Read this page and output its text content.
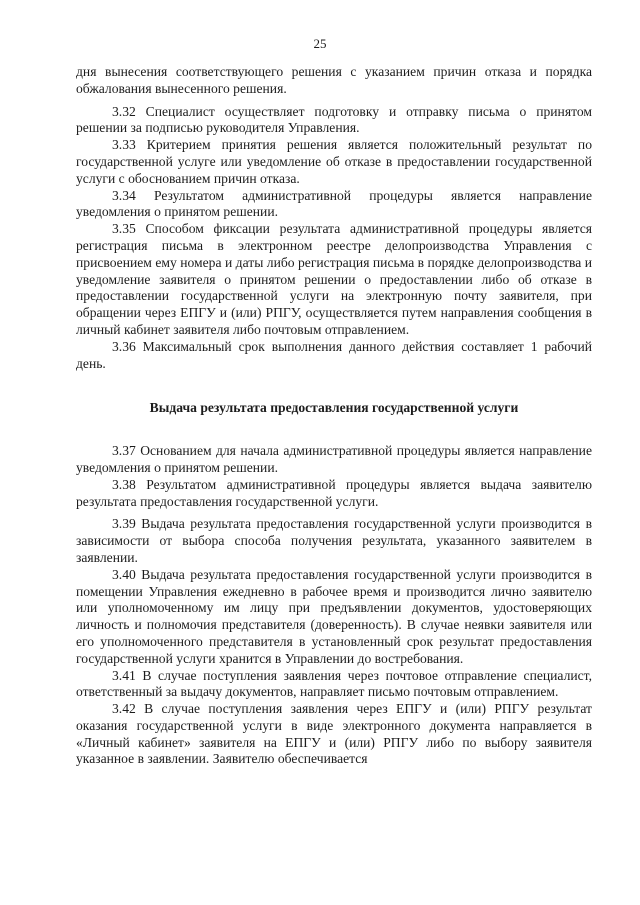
25

дня вынесения соответствующего решения с указанием причин отказа и порядка обжалования вынесенного решения.

3.32 Специалист осуществляет подготовку и отправку письма о принятом решении за подписью руководителя Управления.

3.33 Критерием принятия решения является положительный результат по государственной услуге или уведомление об отказе в предоставлении государственной услуги с обоснованием причин отказа.

3.34 Результатом административной процедуры является направление уведомления о принятом решении.

3.35 Способом фиксации результата административной процедуры является регистрация письма в электронном реестре делопроизводства Управления с присвоением ему номера и даты либо регистрация письма в порядке делопроизводства и уведомление заявителя о принятом решении о предоставлении либо об отказе в предоставлении государственной услуги на электронную почту заявителя, при обращении через ЕПГУ и (или) РПГУ, осуществляется путем направления сообщения в личный кабинет заявителя либо почтовым отправлением.

3.36 Максимальный срок выполнения данного действия составляет 1 рабочий день.

Выдача результата предоставления государственной услуги

3.37 Основанием для начала административной процедуры является направление уведомления о принятом решении.

3.38 Результатом административной процедуры является выдача заявителю результата предоставления государственной услуги.

3.39 Выдача результата предоставления государственной услуги производится в зависимости от выбора способа получения результата, указанного заявителем в заявлении.

3.40 Выдача результата предоставления государственной услуги производится в помещении Управления ежедневно в рабочее время и производится лично заявителю или уполномоченному им лицу при предъявлении документов, удостоверяющих личность и полномочия представителя (доверенность). В случае неявки заявителя или его уполномоченного представителя в установленный срок результат предоставления государственной услуги хранится в Управлении до востребования.

3.41 В случае поступления заявления через почтовое отправление специалист, ответственный за выдачу документов, направляет письмо почтовым отправлением.

3.42 В случае поступления заявления через ЕПГУ и (или) РПГУ результат оказания государственной услуги в виде электронного документа направляется в «Личный кабинет» заявителя на ЕПГУ и (или) РПГУ либо по выбору заявителя указанное в заявлении. Заявителю обеспечивается
